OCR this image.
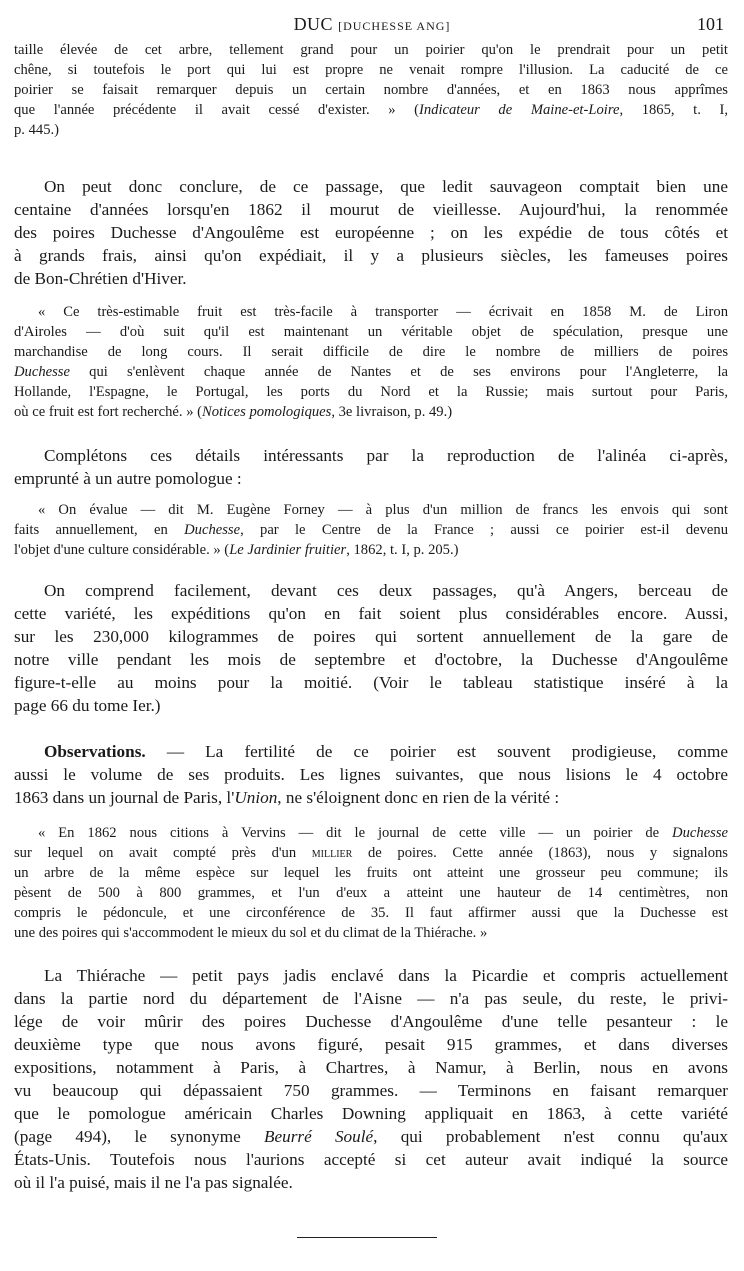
DUC [DUCHESSE ANG]	101
taille élevée de cet arbre, tellement grand pour un poirier qu'on le prendrait pour un petit
chêne, si toutefois le port qui lui est propre ne venait rompre l'illusion. La caducité de ce
poirier se faisait remarquer depuis un certain nombre d'années, et en 1863 nous apprîmes
que l'année précédente il avait cessé d'exister. » (Indicateur de Maine-et-Loire, 1865, t. I,
p. 445.)
On peut donc conclure, de ce passage, que ledit sauvageon comptait bien une
centaine d'années lorsqu'en 1862 il mourut de vieillesse. Aujourd'hui, la renommée
des poires Duchesse d'Angoulême est européenne ; on les expédie de tous côtés et
à grands frais, ainsi qu'on expédiait, il y a plusieurs siècles, les fameuses poires
de Bon-Chrétien d'Hiver.
« Ce très-estimable fruit est très-facile à transporter — écrivait en 1858 M. de Liron
d'Airoles — d'où suit qu'il est maintenant un véritable objet de spéculation, presque une
marchandise de long cours. Il serait difficile de dire le nombre de milliers de poires
Duchesse qui s'enlèvent chaque année de Nantes et de ses environs pour l'Angleterre, la
Hollande, l'Espagne, le Portugal, les ports du Nord et la Russie; mais surtout pour Paris,
où ce fruit est fort recherché. » (Notices pomologiques, 3e livraison, p. 49.)
Complétons ces détails intéressants par la reproduction de l'alinéa ci-après,
emprunté à un autre pomologue :
« On évalue — dit M. Eugène Forney — à plus d'un million de francs les envois qui sont
faits annuellement, en Duchesse, par le Centre de la France ; aussi ce poirier est-il devenu
l'objet d'une culture considérable. » (Le Jardinier fruitier, 1862, t. I, p. 205.)
On comprend facilement, devant ces deux passages, qu'à Angers, berceau de
cette variété, les expéditions qu'on en fait soient plus considérables encore. Aussi,
sur les 230,000 kilogrammes de poires qui sortent annuellement de la gare de
notre ville pendant les mois de septembre et d'octobre, la Duchesse d'Angoulême
figure-t-elle au moins pour la moitié. (Voir le tableau statistique inséré à la
page 66 du tome Ier.)
Observations. — La fertilité de ce poirier est souvent prodigieuse, comme
aussi le volume de ses produits. Les lignes suivantes, que nous lisions le 4 octobre
1863 dans un journal de Paris, l'Union, ne s'éloignent donc en rien de la vérité :
« En 1862 nous citions à Vervins — dit le journal de cette ville — un poirier de Duchesse
sur lequel on avait compté près d'un millier de poires. Cette année (1863), nous y signalons
un arbre de la même espèce sur lequel les fruits ont atteint une grosseur peu commune; ils
pèsent de 500 à 800 grammes, et l'un d'eux a atteint une hauteur de 14 centimètres, non
compris le pédoncule, et une circonférence de 35. Il faut affirmer aussi que la Duchesse est
une des poires qui s'accommodent le mieux du sol et du climat de la Thiérache. »
La Thiérache — petit pays jadis enclavé dans la Picardie et compris actuellement
dans la partie nord du département de l'Aisne — n'a pas seule, du reste, le privi-
lége de voir mûrir des poires Duchesse d'Angoulême d'une telle pesanteur : le
deuxième type que nous avons figuré, pesait 915 grammes, et dans diverses
expositions, notamment à Paris, à Chartres, à Namur, à Berlin, nous en avons
vu beaucoup qui dépassaient 750 grammes. — Terminons en faisant remarquer
que le pomologue américain Charles Downing appliquait en 1863, à cette variété
(page 494), le synonyme Beurré Soulé, qui probablement n'est connu qu'aux
États-Unis. Toutefois nous l'aurions accepté si cet auteur avait indiqué la source
où il l'a puisé, mais il ne l'a pas signalée.
